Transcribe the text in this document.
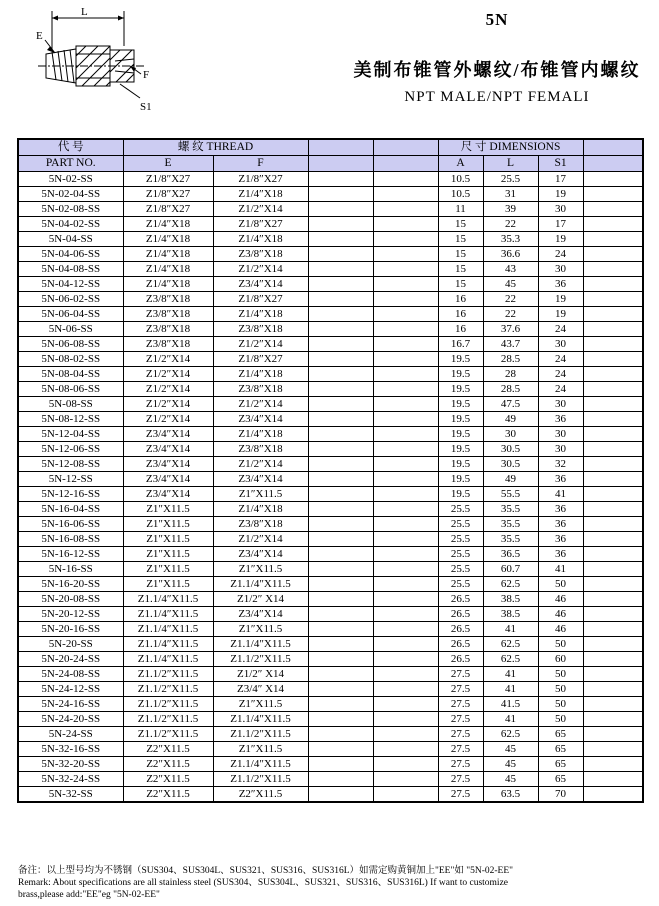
L
E
F
S1
5N
美制布锥管外螺纹/布锥管内螺纹
NPT MALE/NPT FEMALI
代 号	螺 纹 THREAD				尺 寸 DIMENSIONS			
PART NO.	E	F			A	L	S1	
5N-02-SS	Z1/8″X27	Z1/8″X27			10.5	25.5	17	
5N-02-04-SS	Z1/8″X27	Z1/4″X18			10.5	31	19	
5N-02-08-SS	Z1/8″X27	Z1/2″X14			11	39	30	
5N-04-02-SS	Z1/4″X18	Z1/8″X27			15	22	17	
5N-04-SS	Z1/4″X18	Z1/4″X18			15	35.3	19	
5N-04-06-SS	Z1/4″X18	Z3/8″X18			15	36.6	24	
5N-04-08-SS	Z1/4″X18	Z1/2″X14			15	43	30	
5N-04-12-SS	Z1/4″X18	Z3/4″X14			15	45	36	
5N-06-02-SS	Z3/8″X18	Z1/8″X27			16	22	19	
5N-06-04-SS	Z3/8″X18	Z1/4″X18			16	22	19	
5N-06-SS	Z3/8″X18	Z3/8″X18			16	37.6	24	
5N-06-08-SS	Z3/8″X18	Z1/2″X14			16.7	43.7	30	
5N-08-02-SS	Z1/2″X14	Z1/8″X27			19.5	28.5	24	
5N-08-04-SS	Z1/2″X14	Z1/4″X18			19.5	28	24	
5N-08-06-SS	Z1/2″X14	Z3/8″X18			19.5	28.5	24	
5N-08-SS	Z1/2″X14	Z1/2″X14			19.5	47.5	30	
5N-08-12-SS	Z1/2″X14	Z3/4″X14			19.5	49	36	
5N-12-04-SS	Z3/4″X14	Z1/4″X18			19.5	30	30	
5N-12-06-SS	Z3/4″X14	Z3/8″X18			19.5	30.5	30	
5N-12-08-SS	Z3/4″X14	Z1/2″X14			19.5	30.5	32	
5N-12-SS	Z3/4″X14	Z3/4″X14			19.5	49	36	
5N-12-16-SS	Z3/4″X14	Z1″X11.5			19.5	55.5	41	
5N-16-04-SS	Z1″X11.5	Z1/4″X18			25.5	35.5	36	
5N-16-06-SS	Z1″X11.5	Z3/8″X18			25.5	35.5	36	
5N-16-08-SS	Z1″X11.5	Z1/2″X14			25.5	35.5	36	
5N-16-12-SS	Z1″X11.5	Z3/4″X14			25.5	36.5	36	
5N-16-SS	Z1″X11.5	Z1″X11.5			25.5	60.7	41	
5N-16-20-SS	Z1″X11.5	Z1.1/4″X11.5			25.5	62.5	50	
5N-20-08-SS	Z1.1/4″X11.5	Z1/2″ X14			26.5	38.5	46	
5N-20-12-SS	Z1.1/4″X11.5	Z3/4″X14			26.5	38.5	46	
5N-20-16-SS	Z1.1/4″X11.5	Z1″X11.5			26.5	41	46	
5N-20-SS	Z1.1/4″X11.5	Z1.1/4″X11.5			26.5	62.5	50	
5N-20-24-SS	Z1.1/4″X11.5	Z1.1/2″X11.5			26.5	62.5	60	
5N-24-08-SS	Z1.1/2″X11.5	Z1/2″ X14			27.5	41	50	
5N-24-12-SS	Z1.1/2″X11.5	Z3/4″ X14			27.5	41	50	
5N-24-16-SS	Z1.1/2″X11.5	Z1″X11.5			27.5	41.5	50	
5N-24-20-SS	Z1.1/2″X11.5	Z1.1/4″X11.5			27.5	41	50	
5N-24-SS	Z1.1/2″X11.5	Z1.1/2″X11.5			27.5	62.5	65	
5N-32-16-SS	Z2″X11.5	Z1″X11.5			27.5	45	65	
5N-32-20-SS	Z2″X11.5	Z1.1/4″X11.5			27.5	45	65	
5N-32-24-SS	Z2″X11.5	Z1.1/2″X11.5			27.5	45	65	
5N-32-SS	Z2″X11.5	Z2″X11.5			27.5	63.5	70	
备注：以上型号均为不锈钢（SUS304、SUS304L、SUS321、SUS316、SUS316L）如需定购黄铜加上"EE"如 "5N-02-EE"
Remark: About specifications are all stainless steel (SUS304、SUS304L、SUS321、SUS316、SUS316L) If want to customize
brass,please add:"EE"eg "5N-02-EE"
